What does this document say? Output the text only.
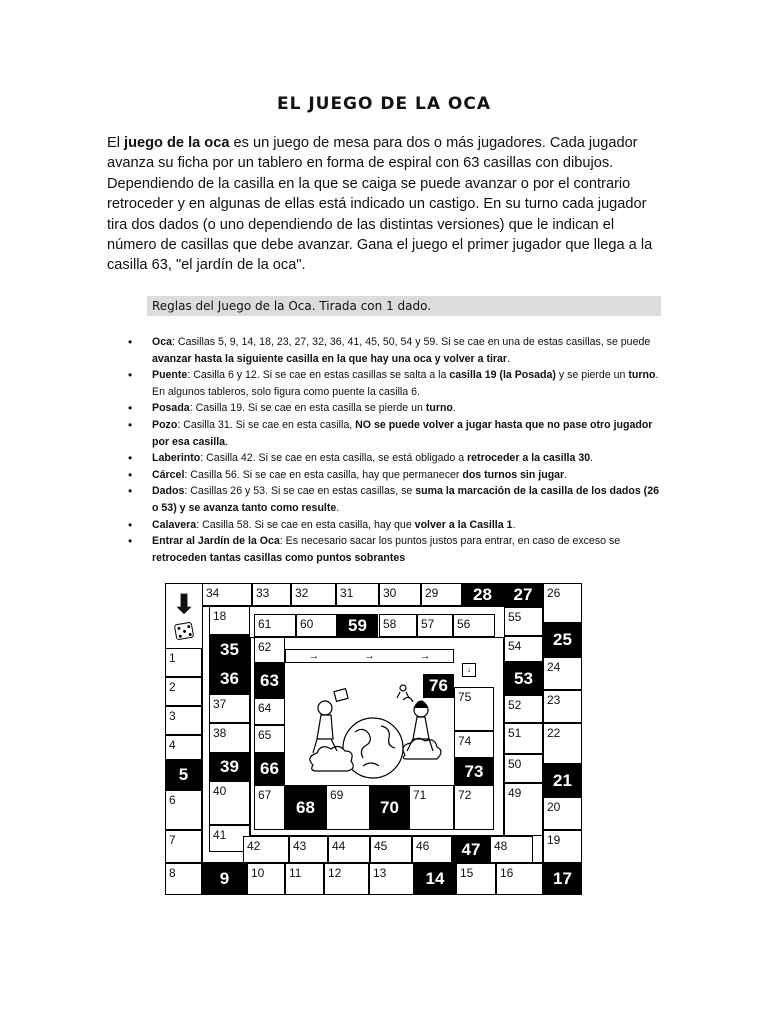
EL JUEGO DE LA OCA

El juego de la oca es un juego de mesa para dos o más jugadores. Cada jugador avanza su ficha por un tablero en forma de espiral con 63 casillas con dibujos. Dependiendo de la casilla en la que se caiga se puede avanzar o por el contrario retroceder y en algunas de ellas está indicado un castigo. En su turno cada jugador tira dos dados (o uno dependiendo de las distintas versiones) que le indican el número de casillas que debe avanzar. Gana el juego el primer jugador que llega a la casilla 63, "el jardín de la oca".

Reglas del Juego de la Oca. Tirada con 1 dado.
• Oca: Casillas 5, 9, 14, 18, 23, 27, 32, 36, 41, 45, 50, 54 y 59. Si se cae en una de estas casillas, se puede avanzar hasta la siguiente casilla en la que hay una oca y volver a tirar.
• Puente: Casilla 6 y 12. Si se cae en estas casillas se salta a la casilla 19 (la Posada) y se pierde un turno. En algunos tableros, solo figura como puente la casilla 6.
• Posada: Casilla 19. Si se cae en esta casilla se pierde un turno.
• Pozo: Casilla 31. Si se cae en esta casilla, NO se puede volver a jugar hasta que no pase otro jugador por esa casilla.
• Laberinto: Casilla 42. Si se cae en esta casilla, se está obligado a retroceder a la casilla 30.
• Cárcel: Casilla 56. Si se cae en esta casilla, hay que permanecer dos turnos sin jugar.
• Dados: Casillas 26 y 53. Si se cae en estas casillas, se suma la marcación de la casilla de los dados (26 o 53) y se avanza tanto como resulte.
• Calavera: Casilla 58. Si se cae en esta casilla, hay que volver a la Casilla 1.
• Entrar al Jardín de la Oca: Es necesario sacar los puntos justos para entrar, en caso de exceso se retroceden tantas casillas como puntos sobrantes
8	9	10	11	12	13	14	15	16	17
1
2
3
4
5
6
7
34	33	32	31	30	29	28	27	26
25
24
23
22
21
20
19
18
35
36
37
38
39
40
41
42	43	44	45	46	47	48
49
50
51
52
53
54
55
56
57
58
59
60
61
62
63
64
65
66
67
68
69
70
71	72
73
74
75
76
→	→	→
↓
⬇
